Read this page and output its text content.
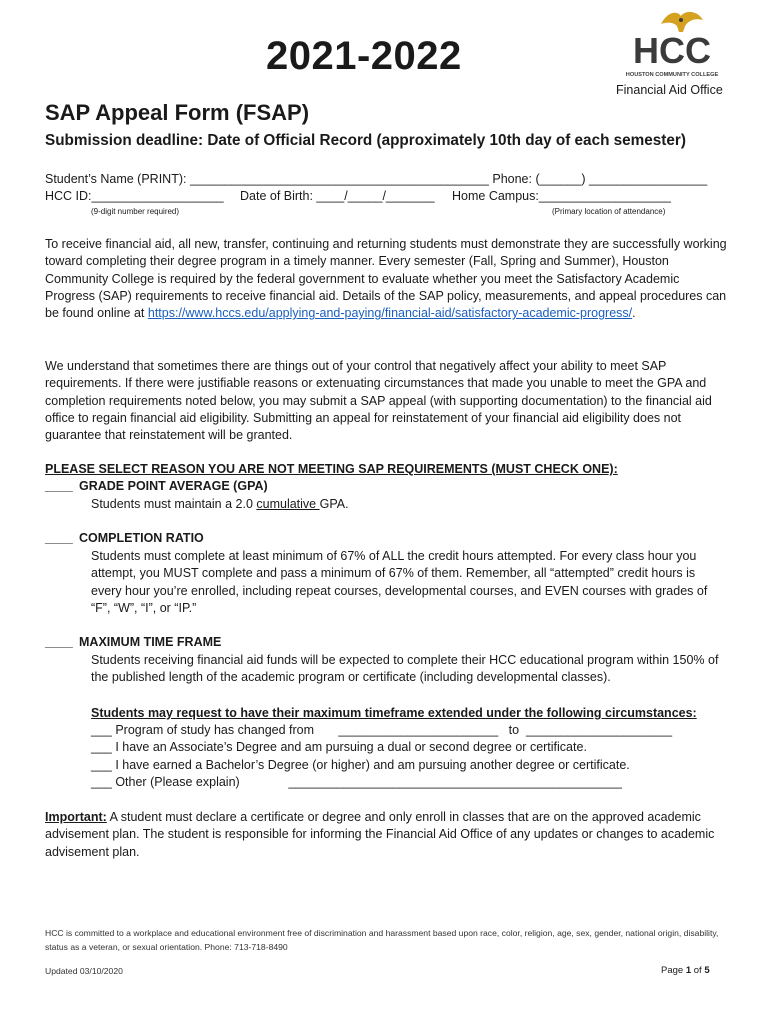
2021-2022	HCC
HOUSTON COMMUNITY COLLEGE
Financial Aid Office
SAP Appeal Form (FSAP)
Submission deadline: Date of Official Record (approximately 10th day of each semester)
Student’s Name (PRINT): ___________________________________________ Phone: (______) _________________
HCC ID:___________________ Date of Birth: ____/_____/_______ Home Campus:___________________
(9-digit number required)	(Primary location of attendance)

To receive financial aid, all new, transfer, continuing and returning students must demonstrate they are successfully working toward completing their degree program in a timely manner. Every semester (Fall, Spring and Summer), Houston Community College is required by the federal government to evaluate whether you meet the Satisfactory Academic Progress (SAP) requirements to receive financial aid. Details of the SAP policy, measurements, and appeal procedures can be found online at https://www.hccs.edu/applying-and-paying/financial-aid/satisfactory-academic-progress/.

We understand that sometimes there are things out of your control that negatively affect your ability to meet SAP requirements. If there were justifiable reasons or extenuating circumstances that made you unable to meet the GPA and completion requirements noted below, you may submit a SAP appeal (with supporting documentation) to the financial aid office to regain financial aid eligibility. Submitting an appeal for reinstatement of your financial aid eligibility does not guarantee that reinstatement will be granted.

PLEASE SELECT REASON YOU ARE NOT MEETING SAP REQUIREMENTS (MUST CHECK ONE):
____ GRADE POINT AVERAGE (GPA)

Students must maintain a 2.0 cumulative GPA.

____ COMPLETION RATIO

Students must complete at least minimum of 67% of ALL the credit hours attempted. For every class hour you attempt, you MUST complete and pass a minimum of 67% of them. Remember, all “attempted” credit hours is every hour you’re enrolled, including repeat courses, developmental courses, and EVEN courses with grades of “F”, “W”, “I”, or “IP.”

____ MAXIMUM TIME FRAME

Students receiving financial aid funds will be expected to complete their HCC educational program within 150% of the published length of the academic program or certificate (including developmental classes).

Students may request to have their maximum timeframe extended under the following circumstances:
___ Program of study has changed from       _______________________   to  _____________________
___ I have an Associate’s Degree and am pursuing a dual or second degree or certificate.
___ I have earned a Bachelor’s Degree (or higher) and am pursuing another degree or certificate.
___ Other (Please explain)              ________________________________________________

Important: A student must declare a certificate or degree and only enroll in classes that are on the approved academic advisement plan. The student is responsible for informing the Financial Aid Office of any updates or changes to academic advisement plan.

HCC is committed to a workplace and educational environment free of discrimination and harassment based upon race, color, religion, age, sex, gender, national origin, disability, status as a veteran, or sexual orientation. Phone: 713-718-8490

Updated 03/10/2020	Page 1 of 5
